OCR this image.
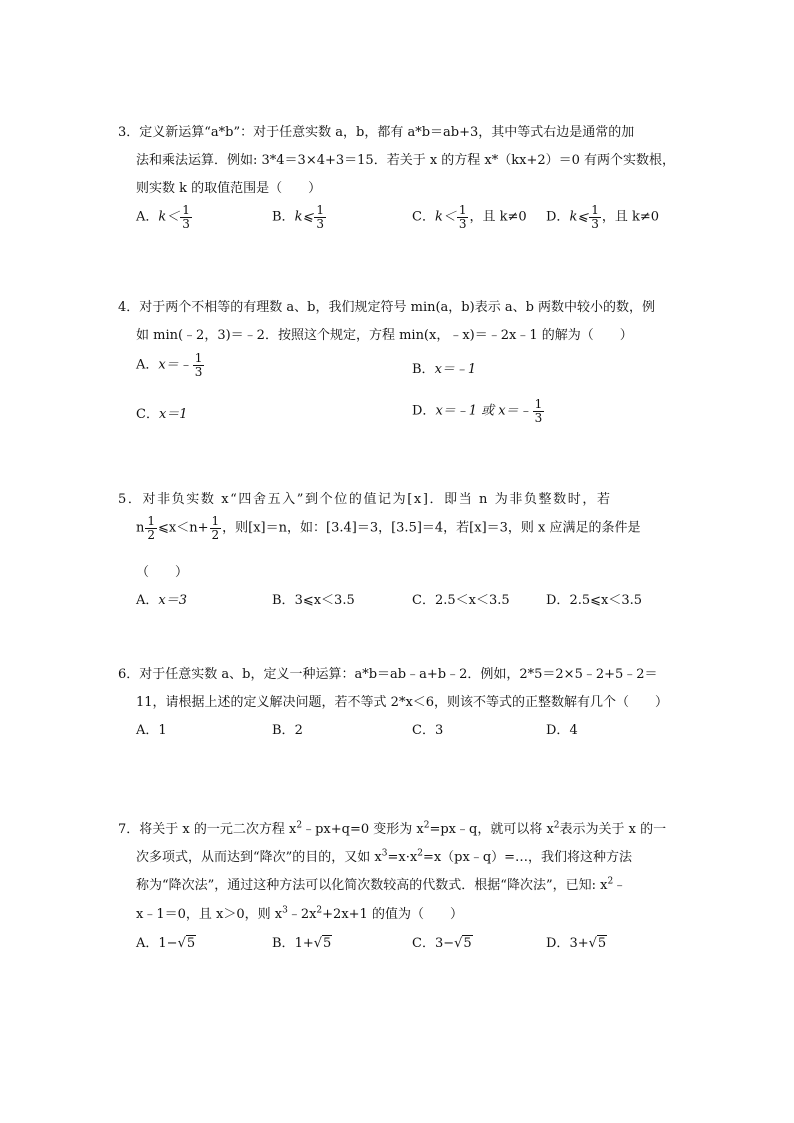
3．定义新运算“a*b”：对于任意实数 a，b，都有 a*b＝ab+3，其中等式右边是通常的加
法和乘法运算．例如: 3*4＝3×4+3＝15．若关于 x 的方程 x*（kx+2）＝0 有两个实数根，
则实数 k 的取值范围是（　　）
A．$k< \frac{1}{3}$	B．k⩽ $\frac{1}{3}$	C．$k< \frac{1}{3}$ ，且 k≠0 D．k⩽ $\frac{1}{3}$ ，且 k≠0
4．对于两个不相等的有理数 a、b，我们规定符号 min(a，b)表示 a、b 两数中较小的数，例
如 min(﹣2，3)＝﹣2．按照这个规定，方程 min(x，﹣x)＝﹣2x﹣1 的解为（　　）
A．x＝﹣ $\frac{1}{3}$	B．x＝﹣1
C．x＝1	D．x＝﹣1 或 x＝﹣ $\frac{1}{3}$
5．对非负实数 x“四舍五入”到个位的值记为[x]．即当 n 为非负整数时，若
n $\frac{1}{2}$ ⩽x＜n+ $\frac{1}{2}$ ，则[x]＝n，如：[3.4]＝3，[3.5]＝4，若[x]＝3，则 x 应满足的条件是
（　　）
A．x＝3	B．3⩽x＜3.5	C．2.5＜x＜3.5	D．2.5⩽x＜3.5
6．对于任意实数 a、b，定义一种运算：a*b＝ab﹣a+b﹣2．例如，2*5＝2×5﹣2+5﹣2＝
11，请根据上述的定义解决问题，若不等式 2*x＜6，则该不等式的正整数解有几个（　　）
A．1	B．2	C．3	D．4
7．将关于 x 的一元二次方程 $x^2﹣px+q=0$ 变形为 $x^2=px﹣q$，就可以将 $x^2$表示为关于 x 的一
次多项式，从而达到“降次”的目的，又如 $x^3=x\cdot x^2=x(px﹣q)=\dots$，我们将这种方法
称为“降次法”，通过这种方法可以化简次数较高的代数式．根据“降次法”，已知: $x^2﹣$
x﹣1＝0，且 x＞0，则 $x^3﹣2x^2+2x+1$ 的值为（　　）
A．1−√5	B．1+√5	C．3−√5	D．3+√5
